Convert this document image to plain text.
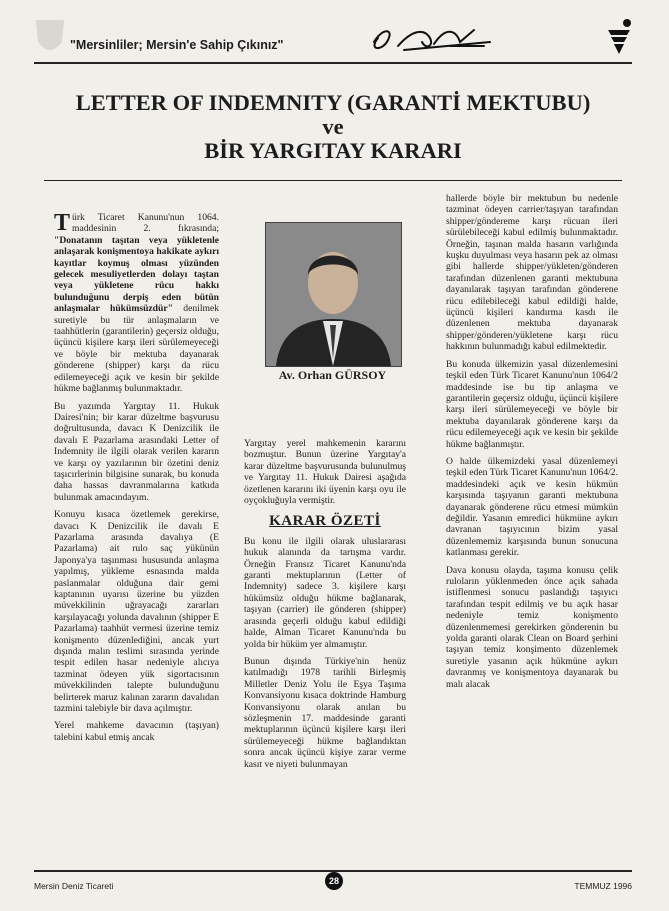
"Mersinliler; Mersin'e Sahip Çıkınız"
LETTER OF INDEMNITY (GARANTİ MEKTUBU)
ve
BİR YARGITAY KARARI
Av. Orhan GÜRSOY

Türk Ticaret Kanunu'nun 1064. maddesinin 2. fıkrasında; "Donatanın taşıtan veya yükletenle anlaşarak konişmentoya hakikate aykırı kayıtlar koymuş olması yüzünden gelecek mesuliyetlerden dolayı taştan veya yükletene rücu hakkı bulunduğunu derpiş eden bütün anlaşmalar hükümsüzdür" denilmek suretiyle bu tür anlaşmaların ve taahhütlerin (garantilerin) geçersiz olduğu, üçüncü kişilere karşı ileri sürülemeyeceği ve böyle bir mektuba dayanarak gönderene (shipper) karşı da rücu edilemeyeceği açık ve kesin bir şekilde hükme bağlanmış bulunmaktadır.

Bu yazımda Yargıtay 11. Hukuk Dairesi'nin; bir karar düzeltme başvurusu doğrultusunda, davacı K Denizcilik ile davalı E Pazarlama arasındaki Letter of Indemnity ile ilgili olarak verilen kararın ve karşı oy yazılarının bir özetini deniz taşıcırlerinin bilgisine sunarak, bu konuda daha hassas davranmalarına katkıda bulunmak amacındayım.

Konuyu kısaca özetlemek gerekirse, davacı K Denizcilik ile davalı E Pazarlama arasında davalıya (E Pazarlama) ait rulo saç yükünün Japonya'ya taşınması hususunda anlaşma yapılmış, yükleme esnasında malda paslanmalar olduğuna dair gemi kaptanının uyarısı üzerine bu yüzden müvekkilinin uğrayacağı zararları karşılayacağı yolunda davalının (shipper E Pazarlama) taahhüt vermesi üzerine temiz konişmento düzenlediğini, ancak yurt dışında malın teslimi sırasında yerinde tespit edilen hasar nedeniyle alıcıya tazminat ödeyen yük sigortacısının müvekkilinden talepte bulunduğunu belirterek maruz kalınan zararın davalıdan tazmini talebiyle bir dava açılmıştır.

Yerel mahkeme davacının (taşıyan) talebini kabul etmiş ancak

Yargıtay yerel mahkemenin kararını bozmuştur. Bunun üzerine Yargıtay'a karar düzeltme başvurusunda bulunulmuş ve Yargıtay 11. Hukuk Dairesi aşağıda özetlenen kararını iki üyenin karşı oyu ile oyçokluğuyla vermiştir.

KARAR ÖZETİ

Bu konu ile ilgili olarak uluslararası hukuk alanında da tartışma vardır. Örneğin Fransız Ticaret Kanunu'nda garanti mektuplarının (Letter of Indemnity) sadece 3. kişilere karşı hükümsüz olduğu hükme bağlanarak, taşıyan (carrier) ile gönderen (shipper) arasında geçerli olduğu kabul edildiği halde, Alman Ticaret Kanunu'nda bu yolda bir hüküm yer almamıştır.

Bunun dışında Türkiye'nin henüz katılmadığı 1978 tarihli Birleşmiş Milletler Deniz Yolu ile Eşya Taşıma Konvansiyonu kısaca doktrinde Hamburg Konvansiyonu olarak anılan bu sözleşmenin 17. maddesinde garanti mektuplarının üçüncü kişilere karşı ileri sürülemeyeceği hükme bağlandıktan sonra ancak üçüncü kişiye zarar verme kasıt ve niyeti bulunmayan

hallerde böyle bir mektubun bu nedenle tazminat ödeyen carrier/taşıyan tarafından shipper/göndereme karşı rücuan ileri sürülebileceği kabul edilmiş bulunmaktadır. Örneğin, taşınan malda hasarın varlığında kuşku duyulması veya hasarın pek az olması gibi hallerde shipper/yükleten/gönderen tarafından düzenlenen garanti mektubuna dayanılarak taşıyan tarafından gönderene rücu edilebileceği kabul edildiği halde, üçüncü kişileri kandırma kasdı ile düzenlenen mektuba dayanarak shipper/gönderen/yükletene karşı rücu hakkının bulunmadığı kabul edilmektedir.

Bu konuda ülkemizin yasal düzenlemesini teşkil eden Türk Ticaret Kanunu'nun 1064/2 maddesinde ise bu tip anlaşma ve garantilerin geçersiz olduğu, üçüncü kişilere karşı ileri sürülemeyeceği ve böyle bir mektuba dayanılarak gönderene karşı da rücu edilemeyeceği açık ve kesin bir şekilde hükme bağlanmıştır.

O halde ülkemizdeki yasal düzenlemeyi teşkil eden Türk Ticaret Kanunu'nun 1064/2. maddesindeki açık ve kesin hükmün karşısında taşıyanın garanti mektubuna dayanarak gönderene rücu etmesi mümkün değildir. Yasanın emredici hükmüne aykırı davranan taşıyıcının bizim yasal düzenlememiz karşısında bunun sonucuna katlanması gerekir.

Dava konusu olayda, taşıma konusu çelik ruloların yüklenmeden önce açık sahada istiflenmesi sonucu paslandığı taşıyıcı tarafından tespit edilmiş ve bu açık hasar nedeniyle temiz konişmento düzenlenmemesi gerekirken gönderenin bu yolda garanti olarak Clean on Board şerhini taşıyan temiz konşimento düzenlemek suretiyle yasanın açık hükmüne aykırı davranmış ve konişmentoya dayanarak bu malı alacak

Mersin Deniz Ticareti	28	TEMMUZ 1996
